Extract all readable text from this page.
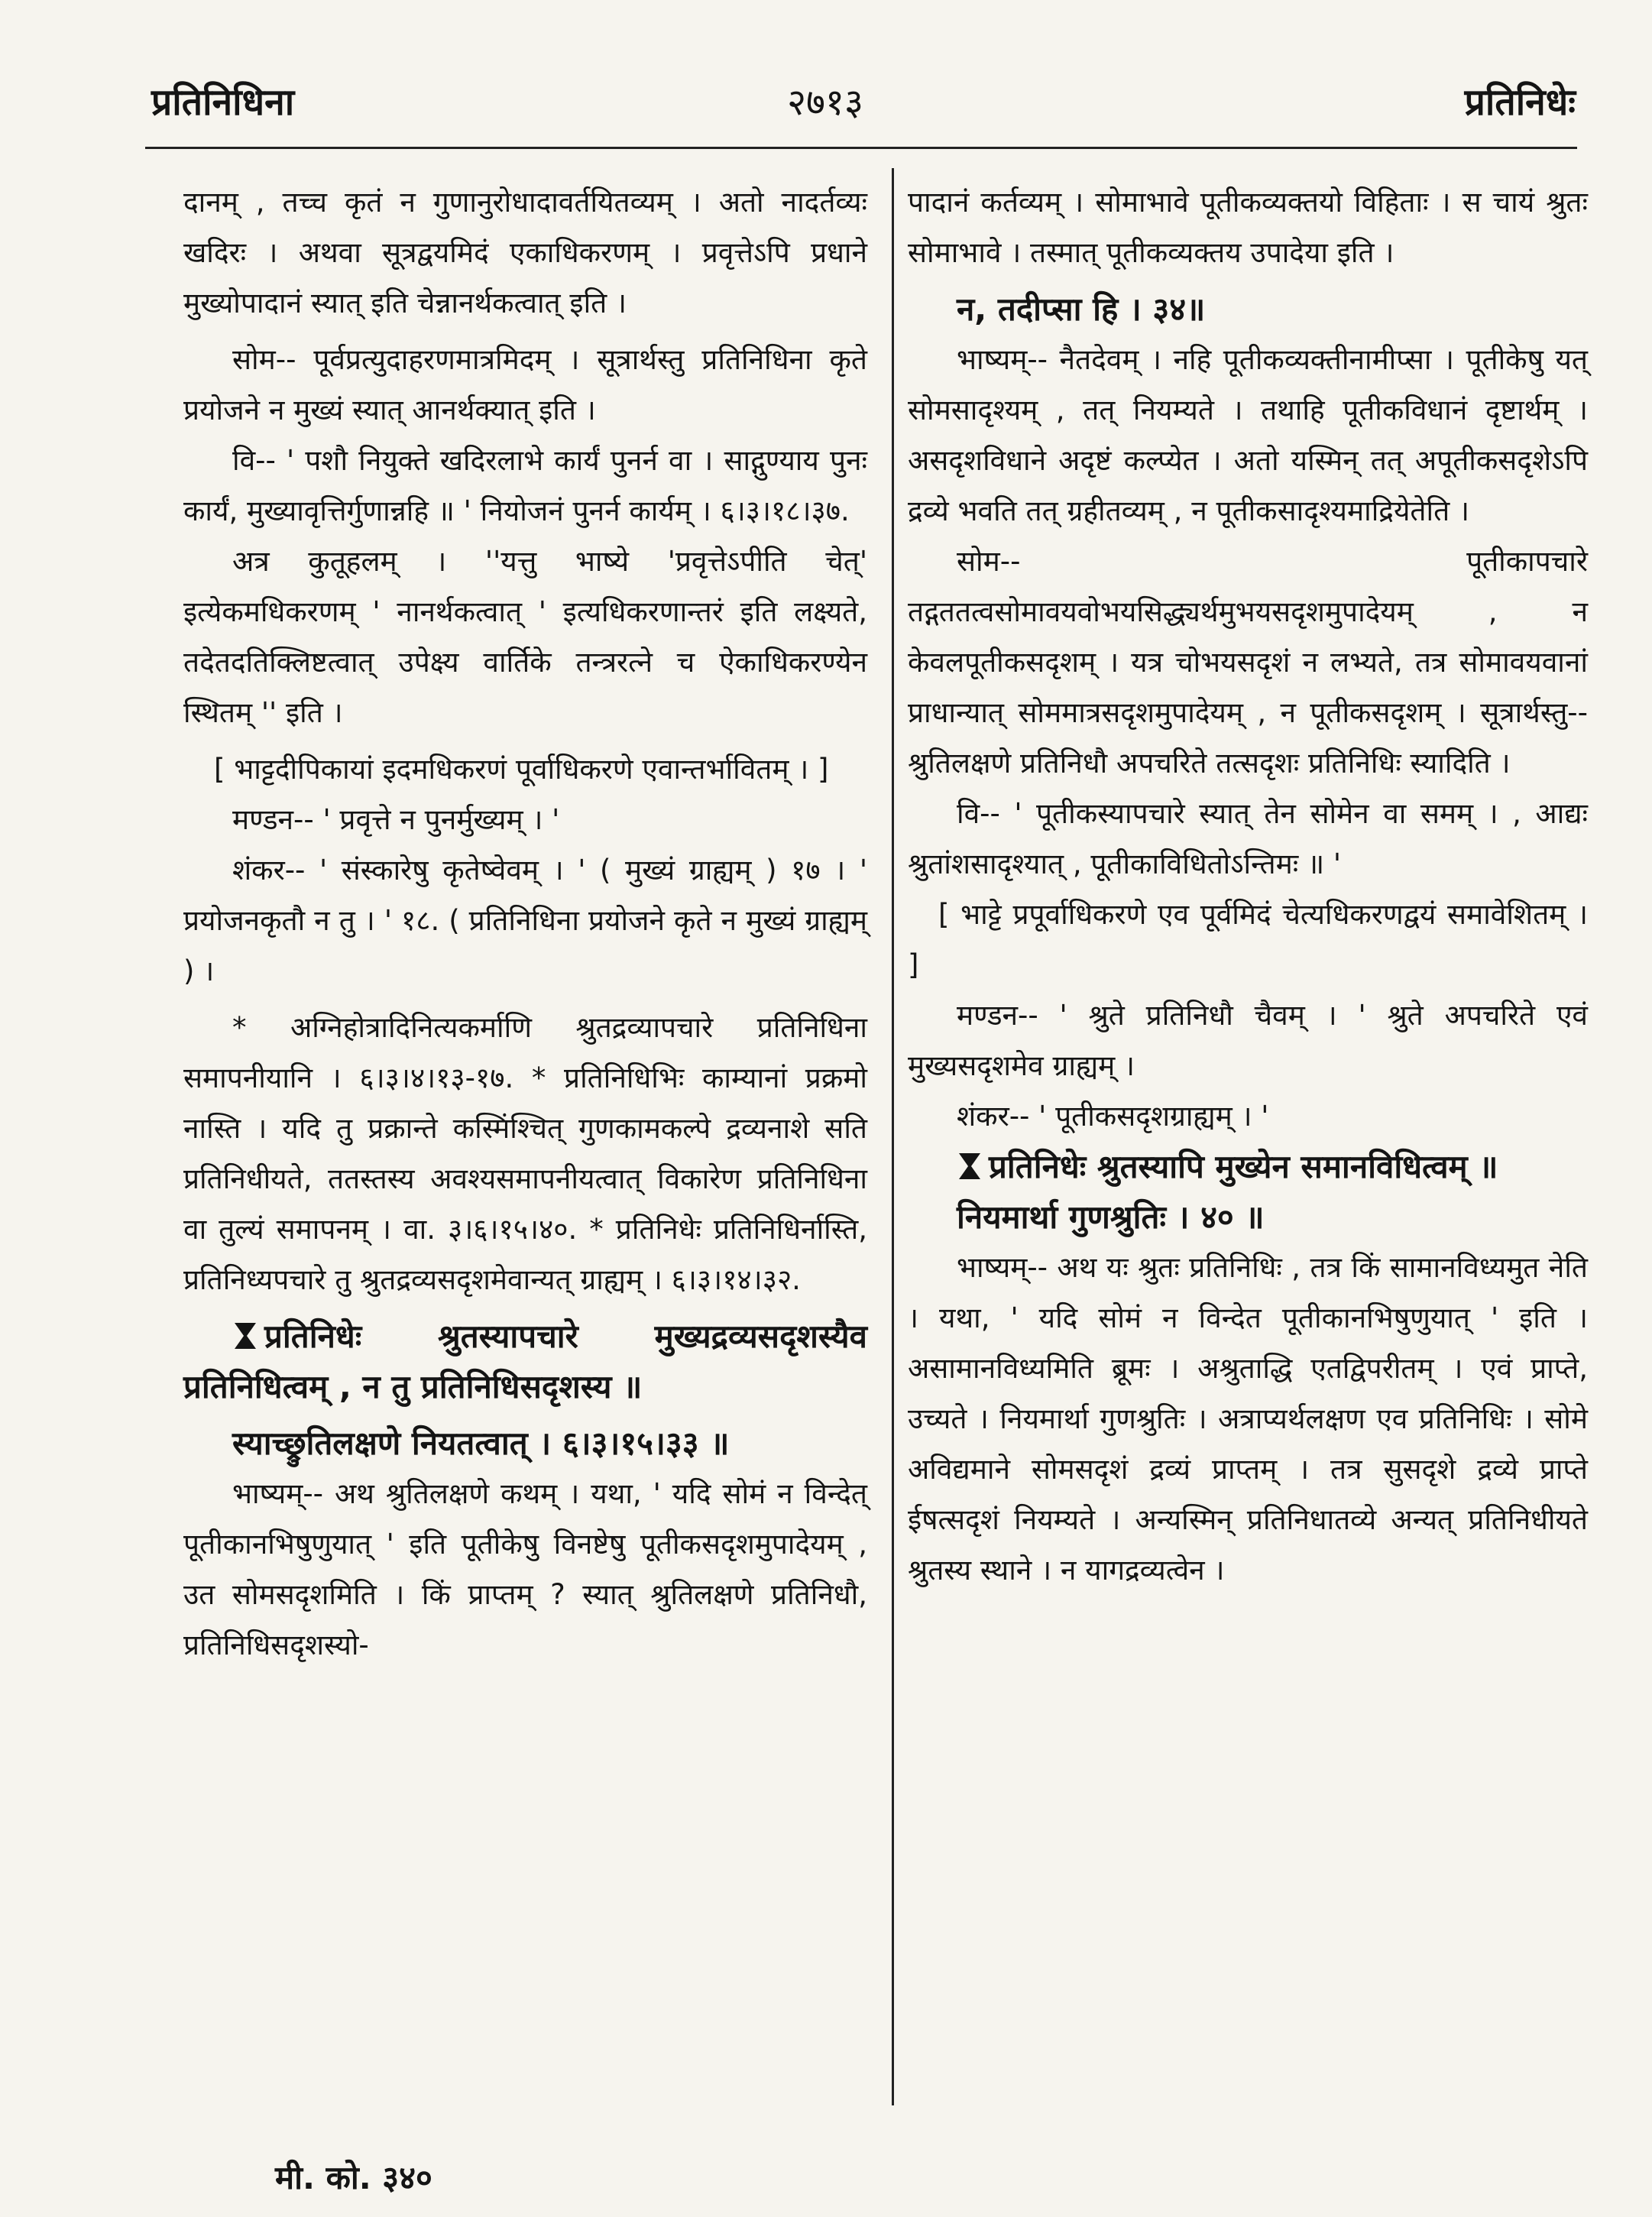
प्रतिनिधिना	२७१३	प्रतिनिधेः

दानम् , तच्च कृतं न गुणानुरोधादावर्तयितव्यम् । अतो नादर्तव्यः खदिरः । अथवा सूत्रद्वयमिदं एकाधिकरणम् । प्रवृत्तेऽपि प्रधाने मुख्योपादानं स्यात् इति चेन्नानर्थकत्वात् इति ।

सोम-- पूर्वप्रत्युदाहरणमात्रमिदम् । सूत्रार्थस्तु प्रतिनिधिना कृते प्रयोजने न मुख्यं स्यात् आनर्थक्यात् इति ।

वि-- ' पशौ नियुक्ते खदिरलाभे कार्यं पुनर्न वा । साद्गुण्याय पुनः कार्यं, मुख्यावृत्तिर्गुणान्नहि ॥ ' नियोजनं पुनर्न कार्यम् । ६।३।१८।३७.

अत्र कुतूहलम् । ''यत्तु भाष्ये 'प्रवृत्तेऽपीति चेत्' इत्येकमधिकरणम् ' नानर्थकत्वात् ' इत्यधिकरणान्तरं इति लक्ष्यते, तदेतदतिक्लिष्टत्वात् उपेक्ष्य वार्तिके तन्त्ररत्ने च ऐकाधिकरण्येन स्थितम् '' इति ।

[ भाट्टदीपिकायां इदमधिकरणं पूर्वाधिकरणे एवान्तर्भावितम् । ]

मण्डन-- ' प्रवृत्ते न पुनर्मुख्यम् । '

शंकर-- ' संस्कारेषु कृतेष्वेवम् । ' ( मुख्यं ग्राह्यम् ) १७ । ' प्रयोजनकृतौ न तु । ' १८. ( प्रतिनिधिना प्रयोजने कृते न मुख्यं ग्राह्यम् ) ।

* अग्निहोत्रादिनित्यकर्माणि श्रुतद्रव्यापचारे प्रतिनिधिना समापनीयानि । ६।३।४।१३-१७. * प्रतिनिधिभिः काम्यानां प्रक्रमो नास्ति । यदि तु प्रक्रान्ते कस्मिंश्चित् गुणकामकल्पे द्रव्यनाशे सति प्रतिनिधीयते, ततस्तस्य अवश्यसमापनीयत्वात् विकारेण प्रतिनिधिना वा तुल्यं समापनम् । वा. ३।६।१५।४०. * प्रतिनिधेः प्रतिनिधिर्नास्ति, प्रतिनिध्यपचारे तु श्रुतद्रव्यसदृशमेवान्यत् ग्राह्यम् । ६।३।१४।३२.

प्रतिनिधेः श्रुतस्यापचारे मुख्यद्रव्यसदृशस्यैव प्रतिनिधित्वम् , न तु प्रतिनिधिसदृशस्य ॥

स्याच्छ्रुतिलक्षणे नियतत्वात् । ६।३।१५।३३ ॥

भाष्यम्-- अथ श्रुतिलक्षणे कथम् । यथा, ' यदि सोमं न विन्देत् पूतीकानभिषुणुयात् ' इति पूतीकेषु विनष्टेषु पूतीकसदृशमुपादेयम् , उत सोमसदृशमिति । किं प्राप्तम् ? स्यात् श्रुतिलक्षणे प्रतिनिधौ, प्रतिनिधिसदृशस्यो-

पादानं कर्तव्यम् । सोमाभावे पूतीकव्यक्तयो विहिताः । स चायं श्रुतः सोमाभावे । तस्मात् पूतीकव्यक्तय उपादेया इति ।

न, तदीप्सा हि । ३४॥

भाष्यम्-- नैतदेवम् । नहि पूतीकव्यक्तीनामीप्सा । पूतीकेषु यत् सोमसादृश्यम् , तत् नियम्यते । तथाहि पूतीकविधानं दृष्टार्थम् । असदृशविधाने अदृष्टं कल्प्येत । अतो यस्मिन् तत् अपूतीकसदृशेऽपि द्रव्ये भवति तत् ग्रहीतव्यम् , न पूतीकसादृश्यमाद्रियेतेति ।

सोम-- पूतीकापचारे तद्गततत्वसोमावयवोभयसिद्ध्यर्थमुभयसदृशमुपादेयम् , न केवलपूतीकसदृशम् । यत्र चोभयसदृशं न लभ्यते, तत्र सोमावयवानां प्राधान्यात् सोममात्रसदृशमुपादेयम् , न पूतीकसदृशम् । सूत्रार्थस्तु-- श्रुतिलक्षणे प्रतिनिधौ अपचरिते तत्सदृशः प्रतिनिधिः स्यादिति ।

वि-- ' पूतीकस्यापचारे स्यात् तेन सोमेन वा समम् । , आद्यः श्रुतांशसादृश्यात् , पूतीकाविधितोऽन्तिमः ॥ '

[ भाट्टे प्रपूर्वाधिकरणे एव पूर्वमिदं चेत्यधिकरणद्वयं समावेशितम् । ]

मण्डन-- ' श्रुते प्रतिनिधौ चैवम् । ' श्रुते अपचरिते एवं मुख्यसदृशमेव ग्राह्यम् ।

शंकर-- ' पूतीकसदृशग्राह्यम् । '

प्रतिनिधेः श्रुतस्यापि मुख्येन समानविधित्वम् ॥

नियमार्था गुणश्रुतिः । ४० ॥

भाष्यम्-- अथ यः श्रुतः प्रतिनिधिः , तत्र किं सामानविध्यमुत नेति । यथा, ' यदि सोमं न विन्देत पूतीकानभिषुणुयात् ' इति । असामानविध्यमिति ब्रूमः । अश्रुताद्धि एतद्विपरीतम् । एवं प्राप्ते, उच्यते । नियमार्था गुणश्रुतिः । अत्राप्यर्थलक्षण एव प्रतिनिधिः । सोमे अविद्यमाने सोमसदृशं द्रव्यं प्राप्तम् । तत्र सुसदृशे द्रव्ये प्राप्ते ईषत्सदृशं नियम्यते । अन्यस्मिन् प्रतिनिधातव्ये अन्यत् प्रतिनिधीयते श्रुतस्य स्थाने । न यागद्रव्यत्वेन ।

मी. को. ३४०
